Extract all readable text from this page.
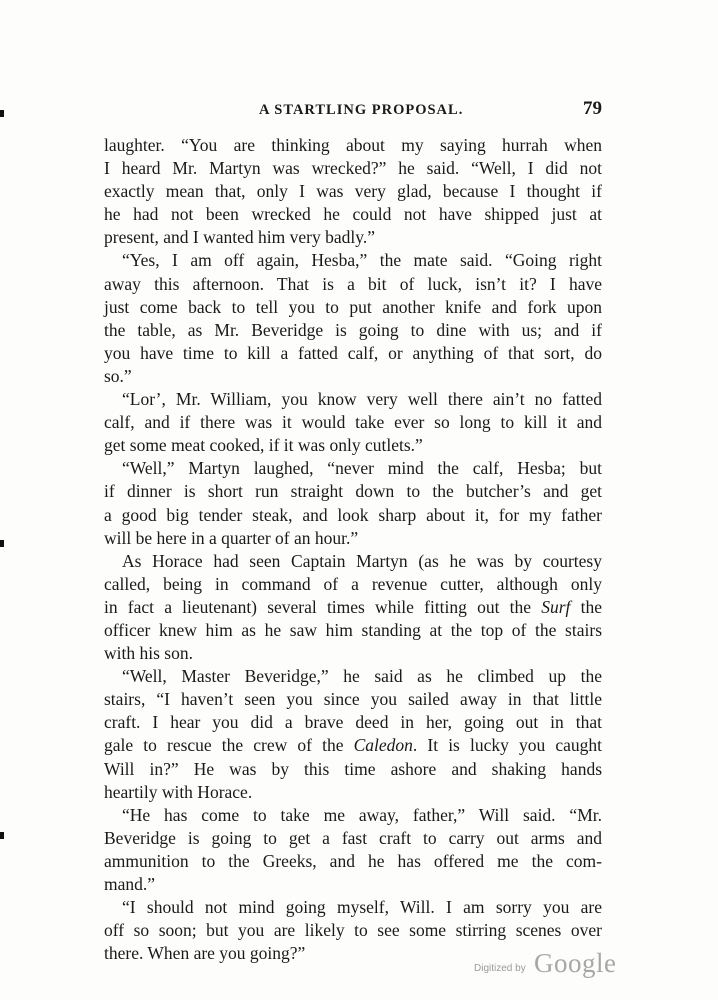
A STARTLING PROPOSAL.	79
laughter. “You are thinking about my saying hurrah when
I heard Mr. Martyn was wrecked?” he said. “Well, I did not
exactly mean that, only I was very glad, because I thought if
he had not been wrecked he could not have shipped just at
present, and I wanted him very badly.”
“Yes, I am off again, Hesba,” the mate said. “Going right
away this afternoon. That is a bit of luck, isn’t it? I have
just come back to tell you to put another knife and fork upon
the table, as Mr. Beveridge is going to dine with us; and if
you have time to kill a fatted calf, or anything of that sort, do
so.”
“Lor’, Mr. William, you know very well there ain’t no fatted
calf, and if there was it would take ever so long to kill it and
get some meat cooked, if it was only cutlets.”
“Well,” Martyn laughed, “never mind the calf, Hesba; but
if dinner is short run straight down to the butcher’s and get
a good big tender steak, and look sharp about it, for my father
will be here in a quarter of an hour.”
As Horace had seen Captain Martyn (as he was by courtesy
called, being in command of a revenue cutter, although only
in fact a lieutenant) several times while fitting out the Surf the
officer knew him as he saw him standing at the top of the stairs
with his son.
“Well, Master Beveridge,” he said as he climbed up the
stairs, “I haven’t seen you since you sailed away in that little
craft. I hear you did a brave deed in her, going out in that
gale to rescue the crew of the Caledon. It is lucky you caught
Will in?” He was by this time ashore and shaking hands
heartily with Horace.
“He has come to take me away, father,” Will said. “Mr.
Beveridge is going to get a fast craft to carry out arms and
ammunition to the Greeks, and he has offered me the com-
mand.”
“I should not mind going myself, Will. I am sorry you are
off so soon; but you are likely to see some stirring scenes over
there. When are you going?”
Digitized by Google
